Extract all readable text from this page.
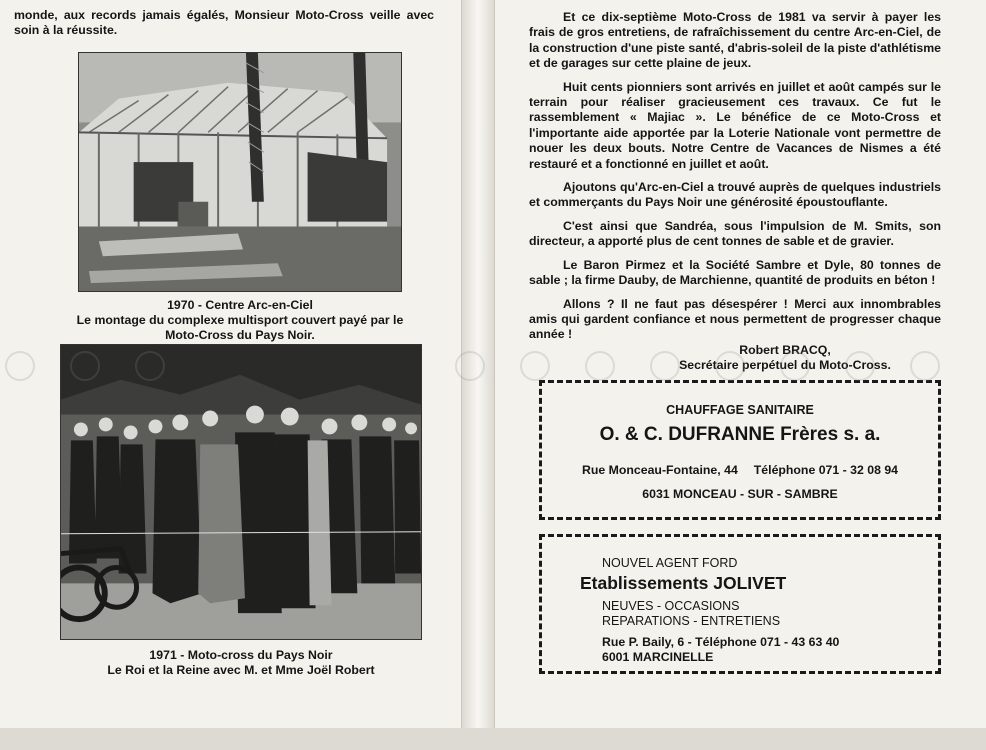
monde, aux records jamais égalés, Monsieur Moto-Cross veille avec soin à la réussite.
1970 - Centre Arc-en-Ciel
Le montage du complexe multisport couvert payé par le Moto-Cross du Pays Noir.
1971 - Moto-cross du Pays Noir
Le Roi et la Reine avec M. et Mme Joël Robert

Et ce dix-septième Moto-Cross de 1981 va servir à payer les frais de gros entretiens, de rafraîchissement du centre Arc-en-Ciel, de la construction d'une piste santé, d'abris-soleil de la piste d'athlétisme et de garages sur cette plaine de jeux.

Huit cents pionniers sont arrivés en juillet et août campés sur le terrain pour réaliser gracieusement ces travaux. Ce fut le rassemblement « Majiac ». Le bénéfice de ce Moto-Cross et l'importante aide apportée par la Loterie Nationale vont permettre de nouer les deux bouts. Notre Centre de Vacances de Nismes a été restauré et a fonctionné en juillet et août.

Ajoutons qu'Arc-en-Ciel a trouvé auprès de quelques industriels et commerçants du Pays Noir une générosité époustouflante.

C'est ainsi que Sandréa, sous l'impulsion de M. Smits, son directeur, a apporté plus de cent tonnes de sable et de gravier.

Le Baron Pirmez et la Société Sambre et Dyle, 80 tonnes de sable ; la firme Dauby, de Marchienne, quantité de produits en béton !

Allons ? Il ne faut pas désespérer ! Merci aux innombrables amis qui gardent confiance et nous permettent de progresser chaque année !

Robert BRACQ,
Secrétaire perpétuel du Moto-Cross.
CHAUFFAGE SANITAIRE
O. & C. DUFRANNE Frères s. a.
Rue Monceau-Fontaine, 44 Téléphone 071 - 32 08 94
6031 MONCEAU - SUR - SAMBRE
NOUVEL AGENT FORD
Etablissements JOLIVET
NEUVES - OCCASIONS
REPARATIONS - ENTRETIENS
Rue P. Baily, 6 - Téléphone 071 - 43 63 40
6001 MARCINELLE
